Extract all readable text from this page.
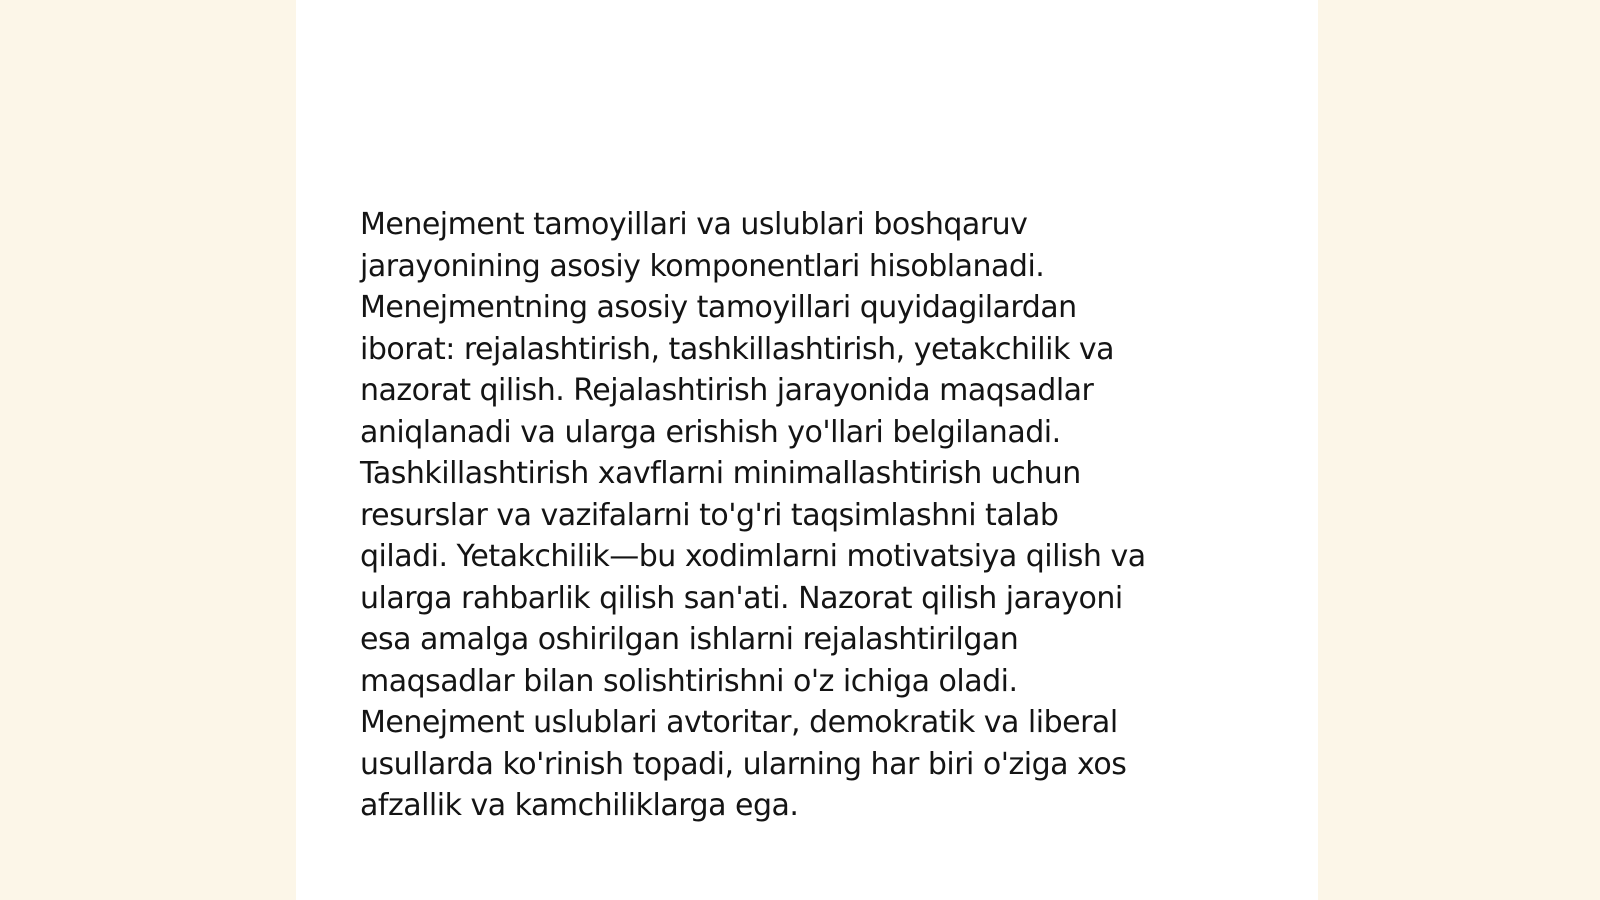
Menejment tamoyillari va uslublari boshqaruv
jarayonining asosiy komponentlari hisoblanadi.
Menejmentning asosiy tamoyillari quyidagilardan
iborat: rejalashtirish, tashkillashtirish, yetakchilik va
nazorat qilish. Rejalashtirish jarayonida maqsadlar
aniqlanadi va ularga erishish yo'llari belgilanadi.
Tashkillashtirish xavflarni minimallashtirish uchun
resurslar va vazifalarni to'g'ri taqsimlashni talab
qiladi. Yetakchilik—bu xodimlarni motivatsiya qilish va
ularga rahbarlik qilish san'ati. Nazorat qilish jarayoni
esa amalga oshirilgan ishlarni rejalashtirilgan
maqsadlar bilan solishtirishni o'z ichiga oladi.
Menejment uslublari avtoritar, demokratik va liberal
usullarda ko'rinish topadi, ularning har biri o'ziga xos
afzallik va kamchiliklarga ega.
